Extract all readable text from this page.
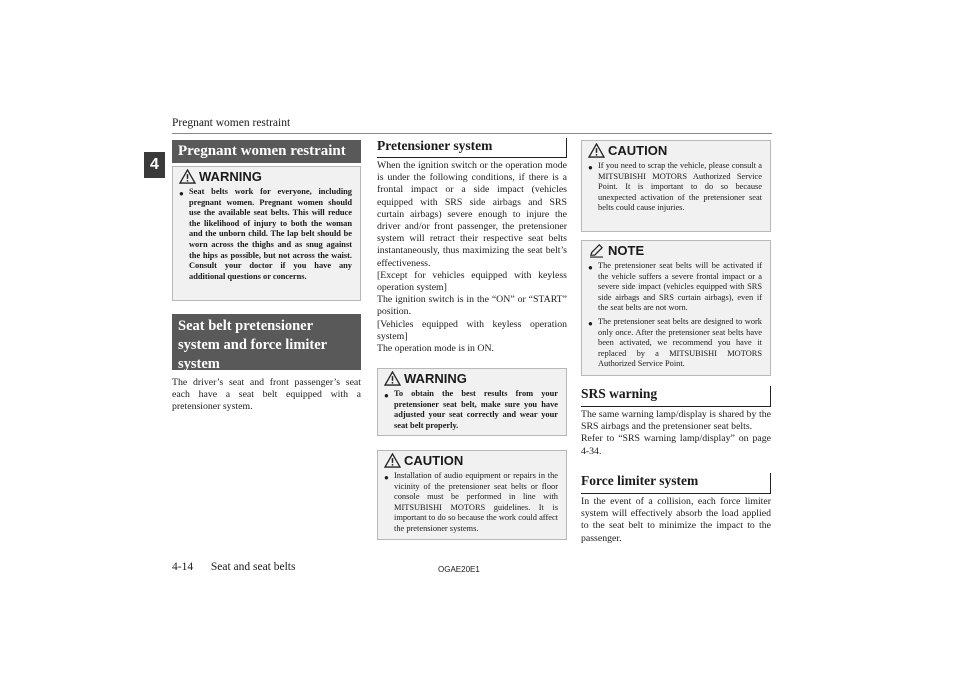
Pregnant women restraint
4
Pregnant women restraint
WARNING
● Seat belts work for everyone, including pregnant women. Pregnant women should use the available seat belts. This will reduce the likelihood of injury to both the woman and the unborn child. The lap belt should be worn across the thighs and as snug against the hips as possible, but not across the waist. Consult your doctor if you have any additional questions or concerns.
Seat belt pretensioner system and force limiter system
The driver’s seat and front passenger’s seat each have a seat belt equipped with a pretensioner system.
Pretensioner system
When the ignition switch or the operation mode is under the following conditions, if there is a frontal impact or a side impact (vehicles equipped with SRS side airbags and SRS curtain airbags) severe enough to injure the driver and/or front passenger, the pretensioner system will retract their respective seat belts instantaneously, thus maximizing the seat belt’s effectiveness.
[Except for vehicles equipped with keyless operation system]
The ignition switch is in the “ON” or “START” position.
[Vehicles equipped with keyless operation system]
The operation mode is in ON.
WARNING
● To obtain the best results from your pretensioner seat belt, make sure you have adjusted your seat correctly and wear your seat belt properly.
CAUTION
● Installation of audio equipment or repairs in the vicinity of the pretensioner seat belts or floor console must be performed in line with MITSUBISHI MOTORS guidelines. It is important to do so because the work could affect the pretensioner systems.
CAUTION
● If you need to scrap the vehicle, please consult a MITSUBISHI MOTORS Authorized Service Point. It is important to do so because unexpected activation of the pretensioner seat belts could cause injuries.
NOTE
● The pretensioner seat belts will be activated if the vehicle suffers a severe frontal impact or a severe side impact (vehicles equipped with SRS side airbags and SRS curtain airbags), even if the seat belts are not worn.
● The pretensioner seat belts are designed to work only once. After the pretensioner seat belts have been activated, we recommend you have it replaced by a MITSUBISHI MOTORS Authorized Service Point.
SRS warning
The same warning lamp/display is shared by the SRS airbags and the pretensioner seat belts.
Refer to “SRS warning lamp/display” on page 4-34.
Force limiter system
In the event of a collision, each force limiter system will effectively absorb the load applied to the seat belt to minimize the impact to the passenger.
4-14 Seat and seat belts	OGAE20E1
